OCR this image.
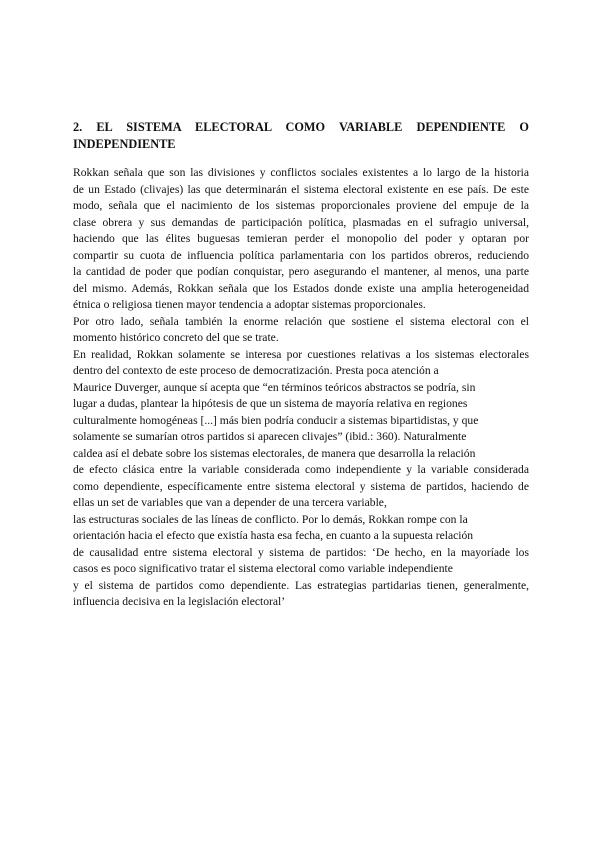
2. EL SISTEMA ELECTORAL COMO VARIABLE DEPENDIENTE O INDEPENDIENTE
Rokkan señala que son las divisiones y conflictos sociales existentes a lo largo de la historia
de un Estado (clivajes) las que determinarán el sistema electoral existente en ese país. De este
modo, señala que el nacimiento de los sistemas proporcionales proviene del empuje de la
clase obrera y sus demandas de participación política, plasmadas en el sufragio universal,
haciendo que las élites buguesas temieran perder el monopolio del poder y optaran por
compartir su cuota de influencia política parlamentaria con los partidos obreros, reduciendo
la cantidad de poder que podían conquistar, pero asegurando el mantener, al menos, una parte
del mismo. Además, Rokkan señala que los Estados donde existe una amplia heterogeneidad
étnica o religiosa tienen mayor tendencia a adoptar sistemas proporcionales.
Por otro lado, señala también la enorme relación que sostiene el sistema electoral con el
momento histórico concreto del que se trate.
En realidad, Rokkan solamente se interesa por cuestiones relativas a los sistemas electorales
dentro del contexto de este proceso de democratización. Presta poca atención a
Maurice Duverger, aunque sí acepta que “en términos teóricos abstractos se podría, sin
lugar a dudas, plantear la hipótesis de que un sistema de mayoría relativa en regiones
culturalmente homogéneas [...] más bien podría conducir a sistemas bipartidistas, y que
solamente se sumarían otros partidos si aparecen clivajes” (ibid.: 360). Naturalmente
caldea así el debate sobre los sistemas electorales, de manera que desarrolla la relación
de efecto clásica entre la variable considerada como independiente y la variable considerada
como dependiente, específicamente entre sistema electoral y sistema de partidos, haciendo de
ellas un set de variables que van a depender de una tercera variable,
las estructuras sociales de las líneas de conflicto. Por lo demás, Rokkan rompe con la
orientación hacia el efecto que existía hasta esa fecha, en cuanto a la supuesta relación
de causalidad entre sistema electoral y sistema de partidos: ‘De hecho, en la mayoríade los
casos es poco significativo tratar el sistema electoral como variable independiente
y el sistema de partidos como dependiente. Las estrategias partidarias tienen, generalmente,
influencia decisiva en la legislación electoral’
